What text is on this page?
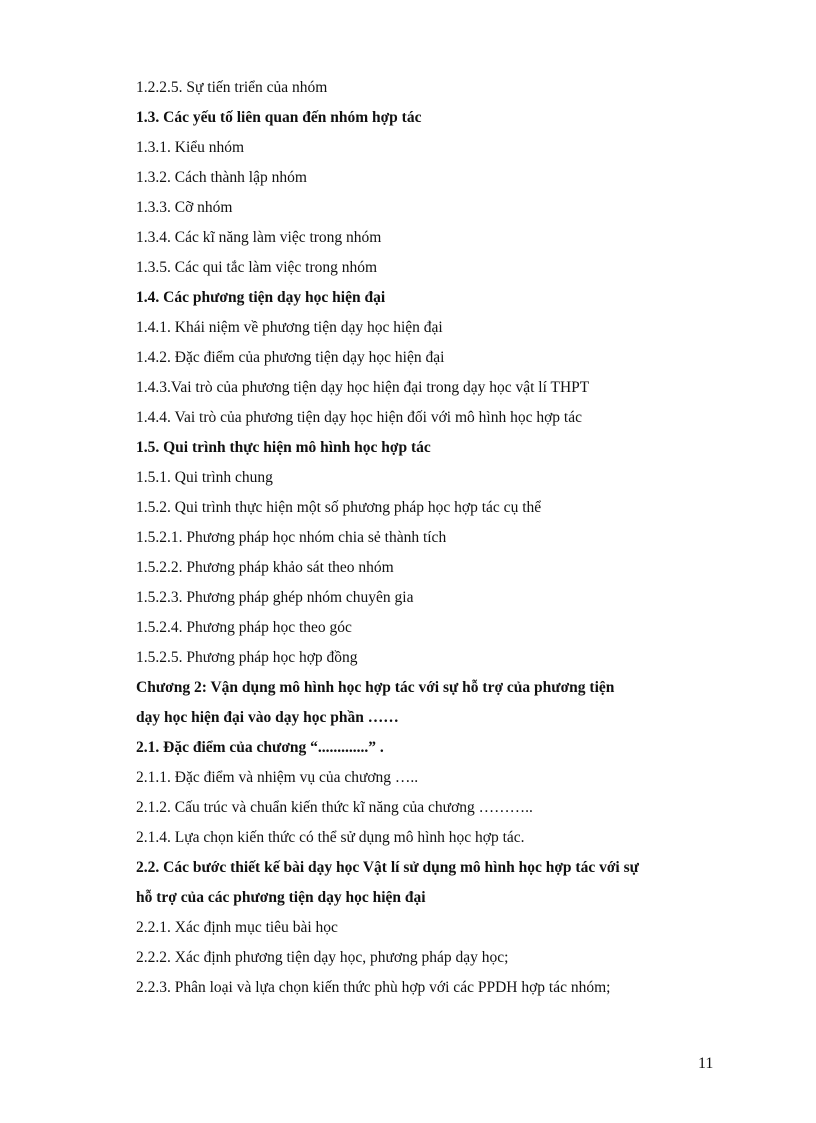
1.2.2.5. Sự tiến triển của nhóm
1.3. Các yếu tố liên quan đến nhóm hợp tác
1.3.1. Kiểu nhóm
1.3.2. Cách thành lập nhóm
1.3.3. Cỡ nhóm
1.3.4. Các kĩ năng làm việc trong nhóm
1.3.5. Các qui tắc làm việc trong nhóm
1.4. Các phương tiện dạy học hiện đại
1.4.1. Khái niệm về phương tiện dạy học hiện đại
1.4.2. Đặc điểm của phương tiện dạy học hiện đại
1.4.3.Vai trò của phương tiện dạy học hiện đại trong dạy học vật lí THPT
1.4.4. Vai trò của phương tiện dạy học hiện đối với mô hình học hợp tác
1.5. Qui trình thực hiện mô hình học hợp tác
1.5.1. Qui trình chung
1.5.2. Qui trình thực hiện một số phương pháp học hợp tác cụ thể
1.5.2.1. Phương pháp học nhóm chia sẻ thành tích
1.5.2.2. Phương pháp khảo sát theo nhóm
1.5.2.3. Phương pháp ghép nhóm chuyên gia
1.5.2.4. Phương pháp học theo góc
1.5.2.5. Phương pháp học hợp đồng
Chương 2: Vận dụng mô hình học hợp tác với sự hỗ trợ của phương tiện
dạy học hiện đại vào dạy học phần ……
2.1. Đặc điểm của chương “.............” .
2.1.1. Đặc điểm và nhiệm vụ của chương …..
2.1.2. Cấu trúc và chuẩn kiến thức kĩ năng của chương ………..
2.1.4. Lựa chọn kiến thức có thể sử dụng mô hình học hợp tác.
2.2. Các bước thiết kế bài dạy học Vật lí sử dụng mô hình học hợp tác với sự
hỗ trợ của các phương tiện dạy học hiện đại
2.2.1. Xác định mục tiêu bài học
2.2.2. Xác định phương tiện dạy học, phương pháp dạy học;
2.2.3. Phân loại và lựa chọn kiến thức phù hợp với các PPDH hợp tác nhóm;
11
